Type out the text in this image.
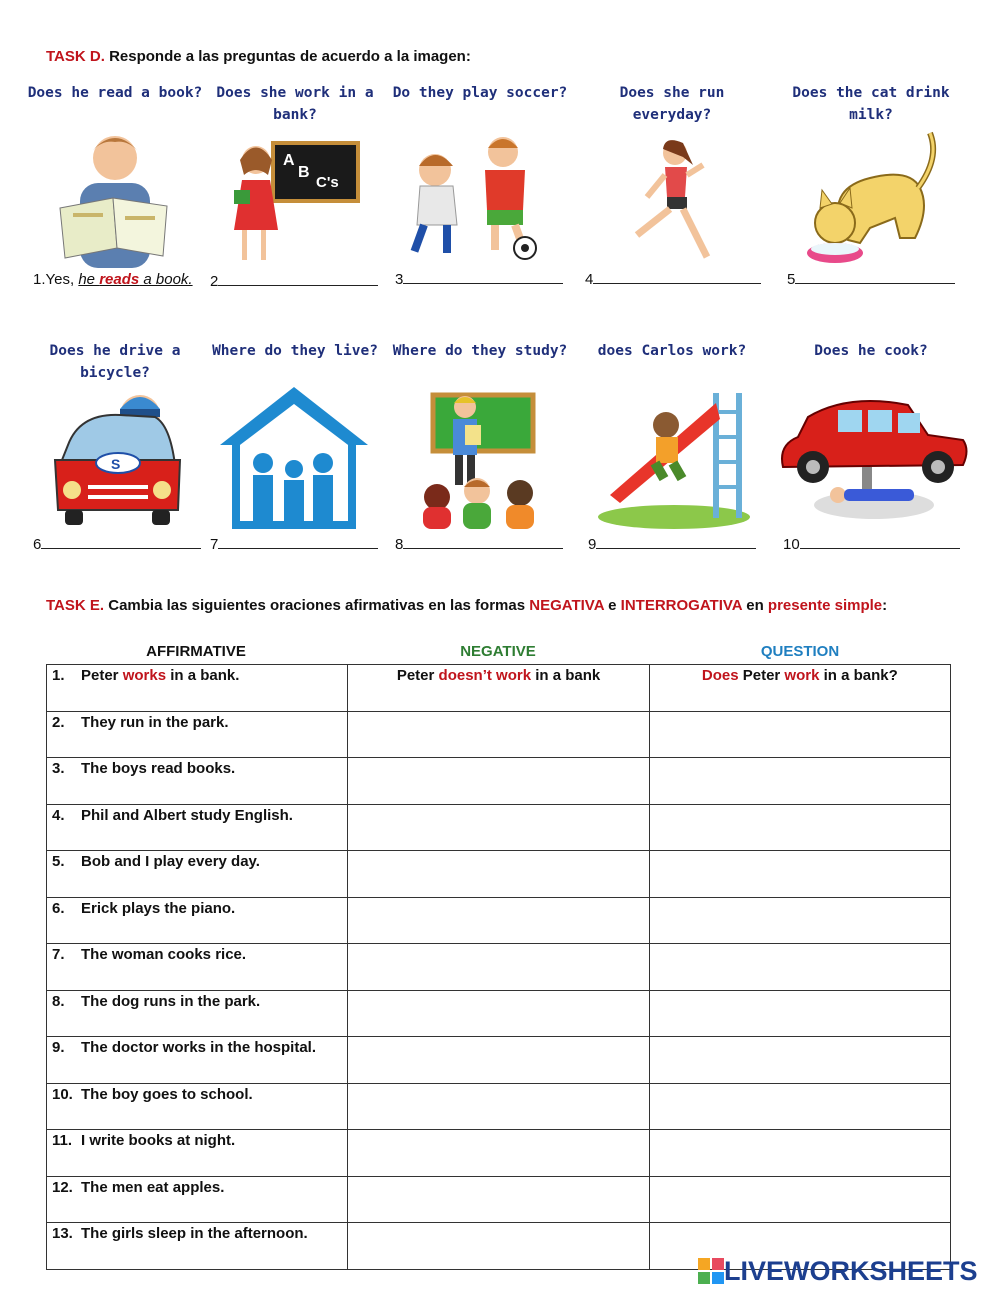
TASK D. Responde a las preguntas de acuerdo a la imagen:
Does he read a book? Does she work in a bank?
Do they play soccer?	Does she run everyday?
Does the cat drink milk?
A
B
C's
1.Yes, he reads a book. 2	3	4	5
Does he drive a bicycle?
Where do they live?	Where do they study?	does Carlos work?	Does he cook?
S
6	7	8	9	10
TASK E. Cambia las siguientes oraciones afirmativas en las formas NEGATIVA e INTERROGATIVA en presente simple:
AFFIRMATIVE	NEGATIVE	QUESTION
1. Peter works in a bank.	Peter doesn’t work in a bank	Does Peter work in a bank?
2. They run in the park.		
3. The boys read books.		
4. Phil and Albert study English.		
5. Bob and I play every day.		
6. Erick plays the piano.		
7. The woman cooks rice.		
8. The dog runs in the park.		
9. The doctor works in the hospital.		
10. The boy goes to school.		
11. I write books at night.		
12. The men eat apples.		
13. The girls sleep in the afternoon.		
LIVEWORKSHEETS
